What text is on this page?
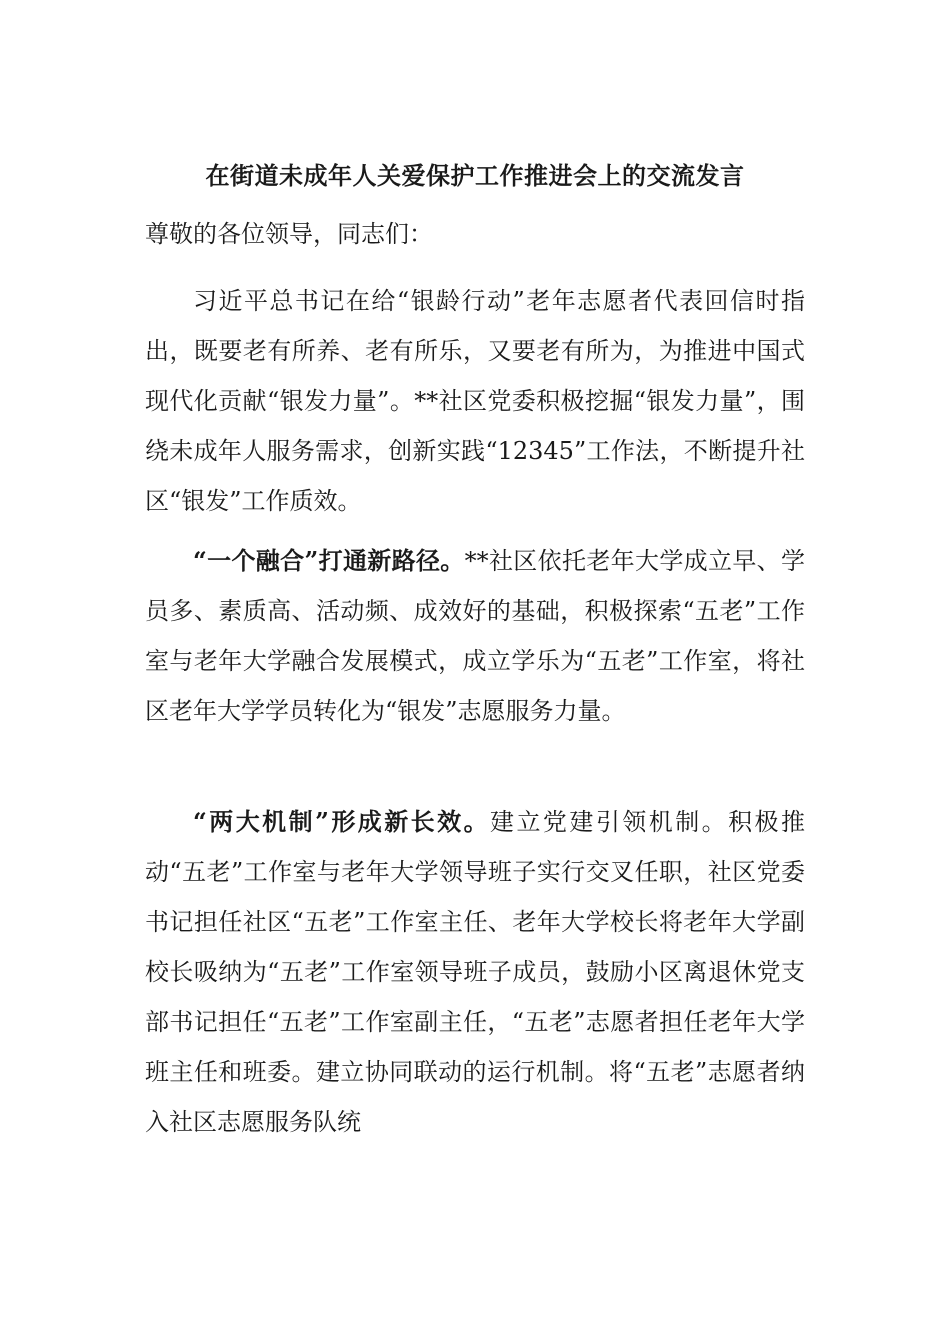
在街道未成年人关爱保护工作推进会上的交流发言
尊敬的各位领导，同志们：

习近平总书记在给“银龄行动”老年志愿者代表回信时指出，既要老有所养、老有所乐，又要老有所为，为推进中国式现代化贡献“银发力量”。**社区党委积极挖掘“银发力量”，围绕未成年人服务需求，创新实践“12345”工作法，不断提升社区“银发”工作质效。

“一个融合”打通新路径。**社区依托老年大学成立早、学员多、素质高、活动频、成效好的基础，积极探索“五老”工作室与老年大学融合发展模式，成立学乐为“五老”工作室，将社区老年大学学员转化为“银发”志愿服务力量。

“两大机制”形成新长效。建立党建引领机制。积极推动“五老”工作室与老年大学领导班子实行交叉任职，社区党委书记担任社区“五老”工作室主任、老年大学校长将老年大学副校长吸纳为“五老”工作室领导班子成员，鼓励小区离退休党支部书记担任“五老”工作室副主任，“五老”志愿者担任老年大学班主任和班委。建立协同联动的运行机制。将“五老”志愿者纳入社区志愿服务队统
